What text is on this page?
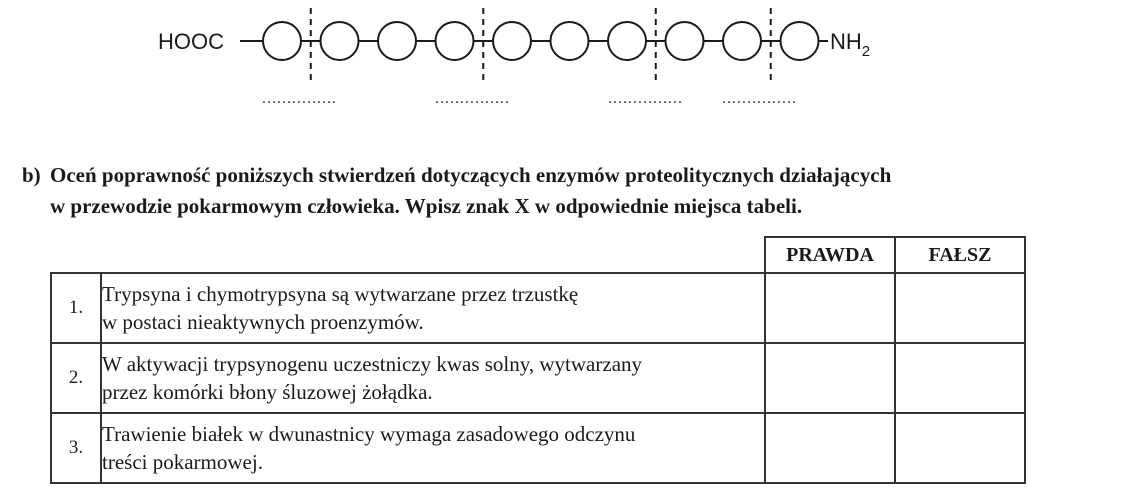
HOOC	$NH_2$
...............	...............	............... ...............
b) Oceń poprawność poniższych stwierdzeń dotyczących enzymów proteolitycznych działających
w przewodzie pokarmowym człowieka. Wpisz znak X w odpowiednie miejsca tabeli.
		PRAWDA	FAŁSZ
1.	Trypsyna i chymotrypsyna są wytwarzane przez trzustkę
w postaci nieaktywnych proenzymów.		
2.	W aktywacji trypsynogenu uczestniczy kwas solny, wytwarzany
przez komórki błony śluzowej żołądka.		
3.	Trawienie białek w dwunastnicy wymaga zasadowego odczynu
treści pokarmowej.		
